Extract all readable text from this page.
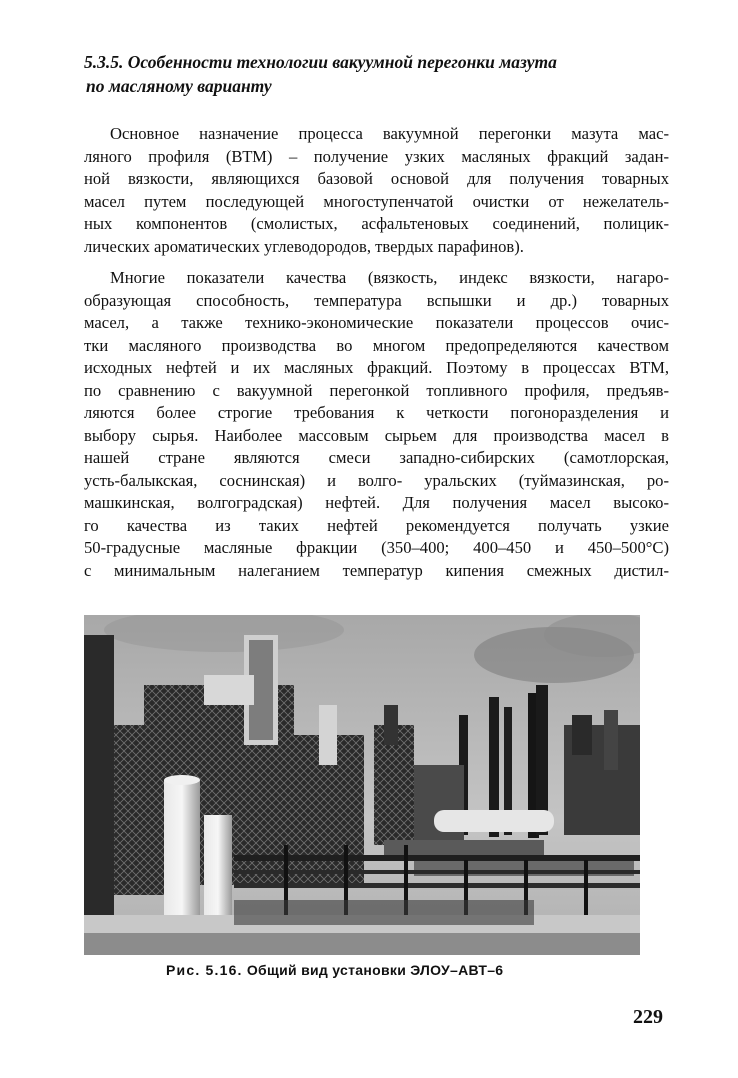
5.3.5. Особенности технологии вакуумной перегонки мазута
по масляному варианту
Основное назначение процесса вакуумной перегонки мазута мас-
ляного профиля (ВТМ) – получение узких масляных фракций задан-
ной вязкости, являющихся базовой основой для получения товарных
масел путем последующей многоступенчатой очистки от нежелатель-
ных компонентов (смолистых, асфальтеновых соединений, полицик-
лических ароматических углеводородов, твердых парафинов).
Многие показатели качества (вязкость, индекс вязкости, нагаро-
образующая способность, температура вспышки и др.) товарных
масел, а также технико-экономические показатели процессов очис-
тки масляного производства во многом предопределяются качеством
исходных нефтей и их масляных фракций. Поэтому в процессах ВТМ,
по сравнению с вакуумной перегонкой топливного профиля, предъяв-
ляются более строгие требования к четкости погоноразделения и
выбору сырья. Наиболее массовым сырьем для производства масел в
нашей стране являются смеси западно-сибирских (самотлорская,
усть-балыкская, соснинская) и волго- уральских (туймазинская, ро-
машкинская, волгоградская) нефтей. Для получения масел высоко-
го качества из таких нефтей рекомендуется получать узкие
50-градусные масляные фракции (350–400; 400–450 и 450–500°С)
с минимальным налеганием температур кипения смежных дистил-
Рис. 5.16. Общий вид установки ЭЛОУ–АВТ–6
229
